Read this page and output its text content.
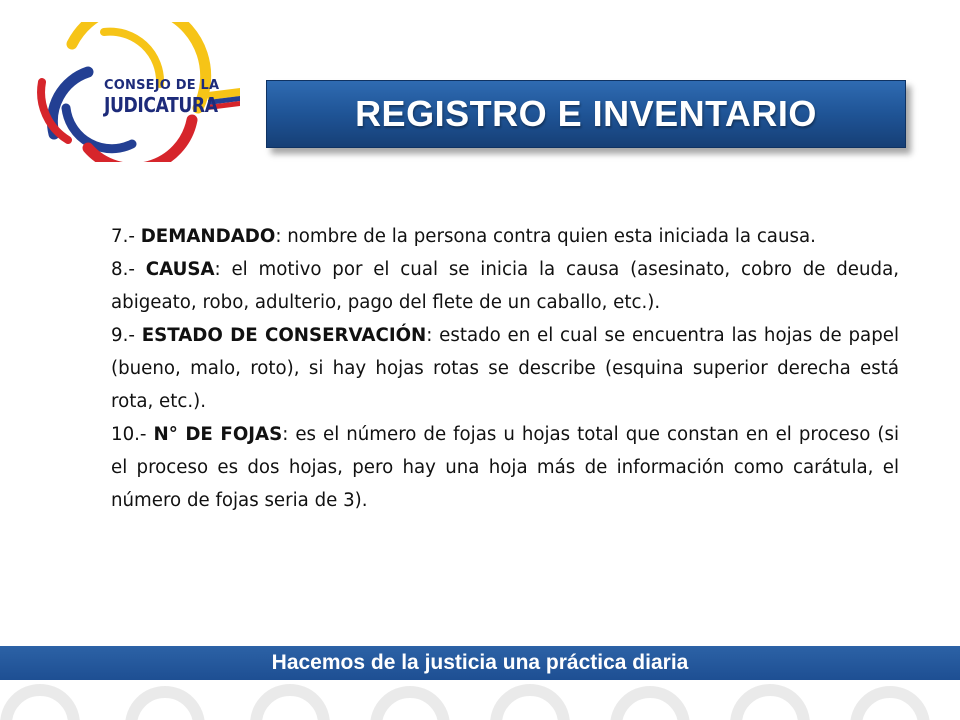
CONSEJO DE LA
JUDICATURA	REGISTRO E INVENTARIO

7.- DEMANDADO: nombre de la persona contra quien esta iniciada la causa.

8.- CAUSA: el motivo por el cual se inicia la causa (asesinato, cobro de deuda, abigeato, robo, adulterio, pago del flete de un caballo, etc.).

9.- ESTADO DE CONSERVACIÓN: estado en el cual se encuentra las hojas de papel (bueno, malo, roto), si hay hojas rotas se describe (esquina superior derecha está rota, etc.).

10.- N° DE FOJAS: es el número de fojas u hojas total que constan en el proceso (si el proceso es dos hojas, pero hay una hoja más de información como carátula, el número de fojas seria de 3).

Hacemos de la justicia una práctica diaria
